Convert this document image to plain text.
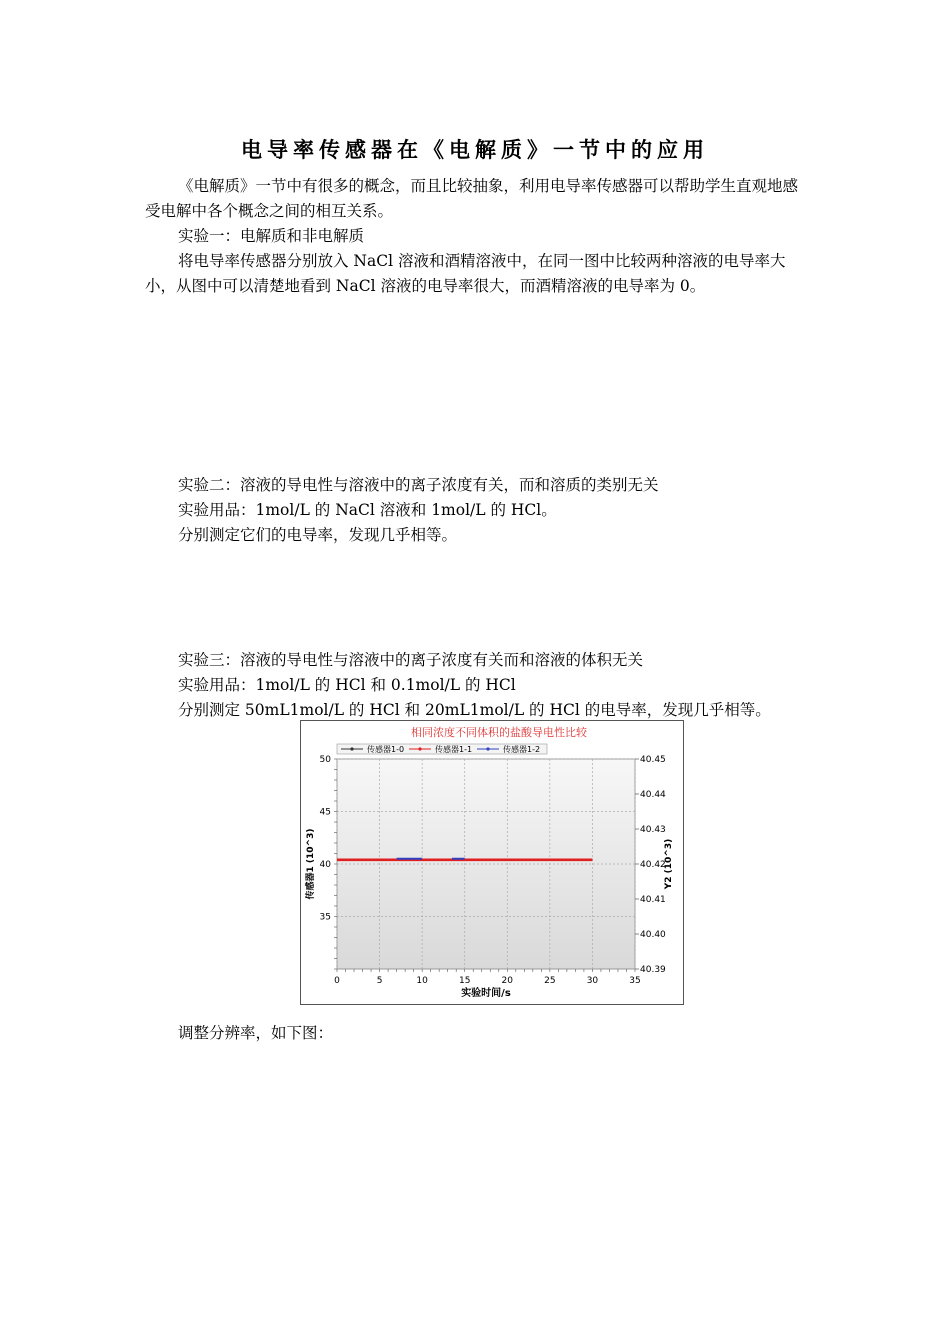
电导率传感器在《电解质》一节中的应用

《电解质》一节中有很多的概念，而且比较抽象，利用电导率传感器可以帮助学生直观地感受电解中各个概念之间的相互关系。

实验一：电解质和非电解质

将电导率传感器分别放入 NaCl 溶液和酒精溶液中，在同一图中比较两种溶液的电导率大小，从图中可以清楚地看到 NaCl 溶液的电导率很大，而酒精溶液的电导率为 0。

实验二：溶液的导电性与溶液中的离子浓度有关，而和溶质的类别无关
实验用品：1mol/L 的 NaCl 溶液和 1mol/L 的 HCl。
分别测定它们的电导率，发现几乎相等。
实验三：溶液的导电性与溶液中的离子浓度有关而和溶液的体积无关
实验用品：1mol/L 的 HCl 和 0.1mol/L 的 HCl
分别测定 50mL1mol/L 的 HCl 和 20mL1mol/L 的 HCl 的电导率，发现几乎相等。
相同浓度不同体积的盐酸导电性比较
传感器1-0	传感器1-1	传感器1-2
0	5	10	15	20	25	30	35
35
40
45
50
40.39
40.40
40.41
40.42
40.43
40.44
40.45
实验时间/s
传感器1 (10^3)	Y2 (10^3)
调整分辨率，如下图：
